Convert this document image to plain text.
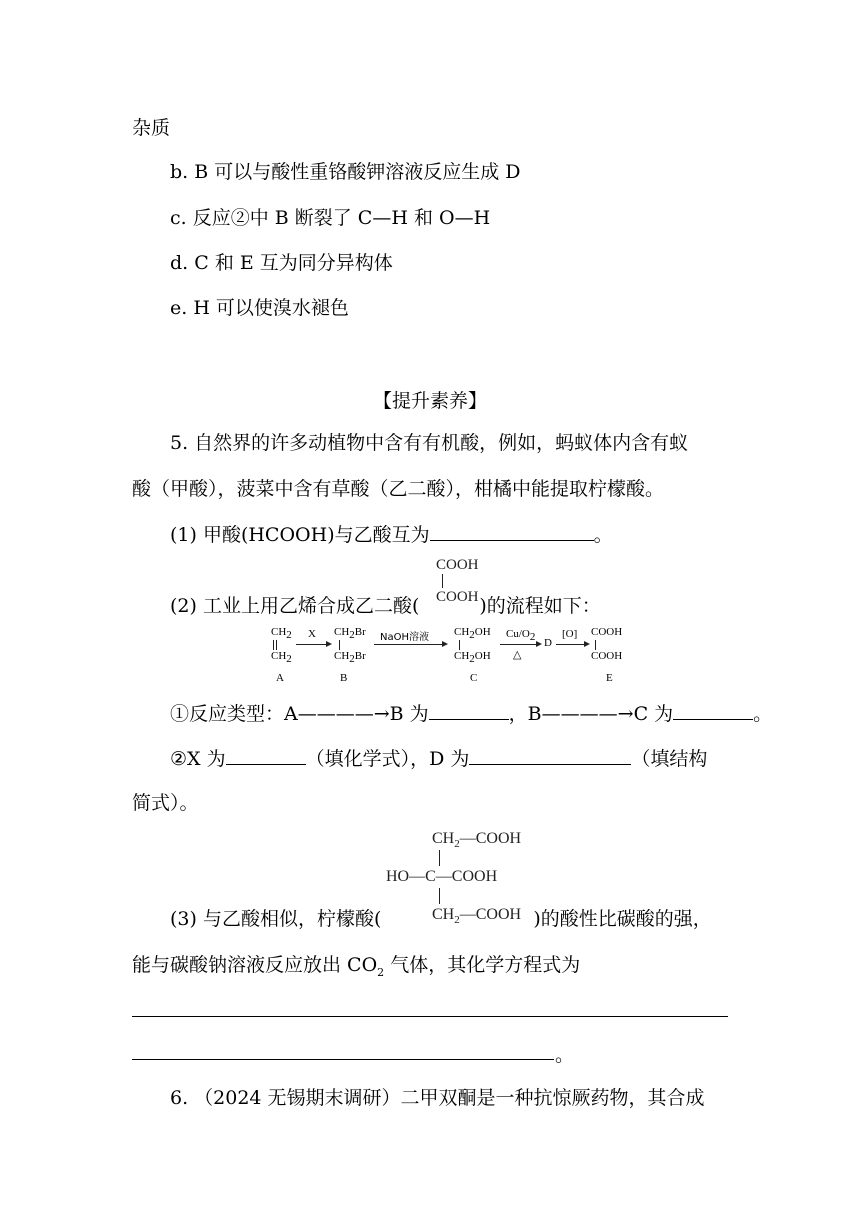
杂质
b. B 可以与酸性重铬酸钾溶液反应生成 D
c. 反应②中 B 断裂了 C—H 和 O—H
d. C 和 E 互为同分异构体
e. H 可以使溴水褪色
【提升素养】
5. 自然界的许多动植物中含有有机酸，例如，蚂蚁体内含有蚁
酸（甲酸），菠菜中含有草酸（乙二酸），柑橘中能提取柠檬酸。
(1) 甲酸(HCOOH)与乙酸互为	。
(2) 工业上用乙烯合成乙二酸(	)的流程如下：
COOH
COOH
$CH_2$
$CH_2$
A
X $CH_2Br$
$CH_2Br$
B
NaOH溶液 $CH_2OH$
$CH_2OH$
C
$Cu/O_2$
△
D
[O] COOH
COOH
E
①反应类型：A————→B 为	，B————→C 为	。
②X 为	（填化学式），D 为	（填结构
简式）。
$CH_2—COOH$
HO—C—COOH
$CH_2—COOH$
(3) 与乙酸相似，柠檬酸(	)的酸性比碳酸的强，
能与碳酸钠溶液反应放出 $CO_2$ 气体，其化学方程式为
。
6. （2024 无锡期末调研）二甲双酮是一种抗惊厥药物，其合成
